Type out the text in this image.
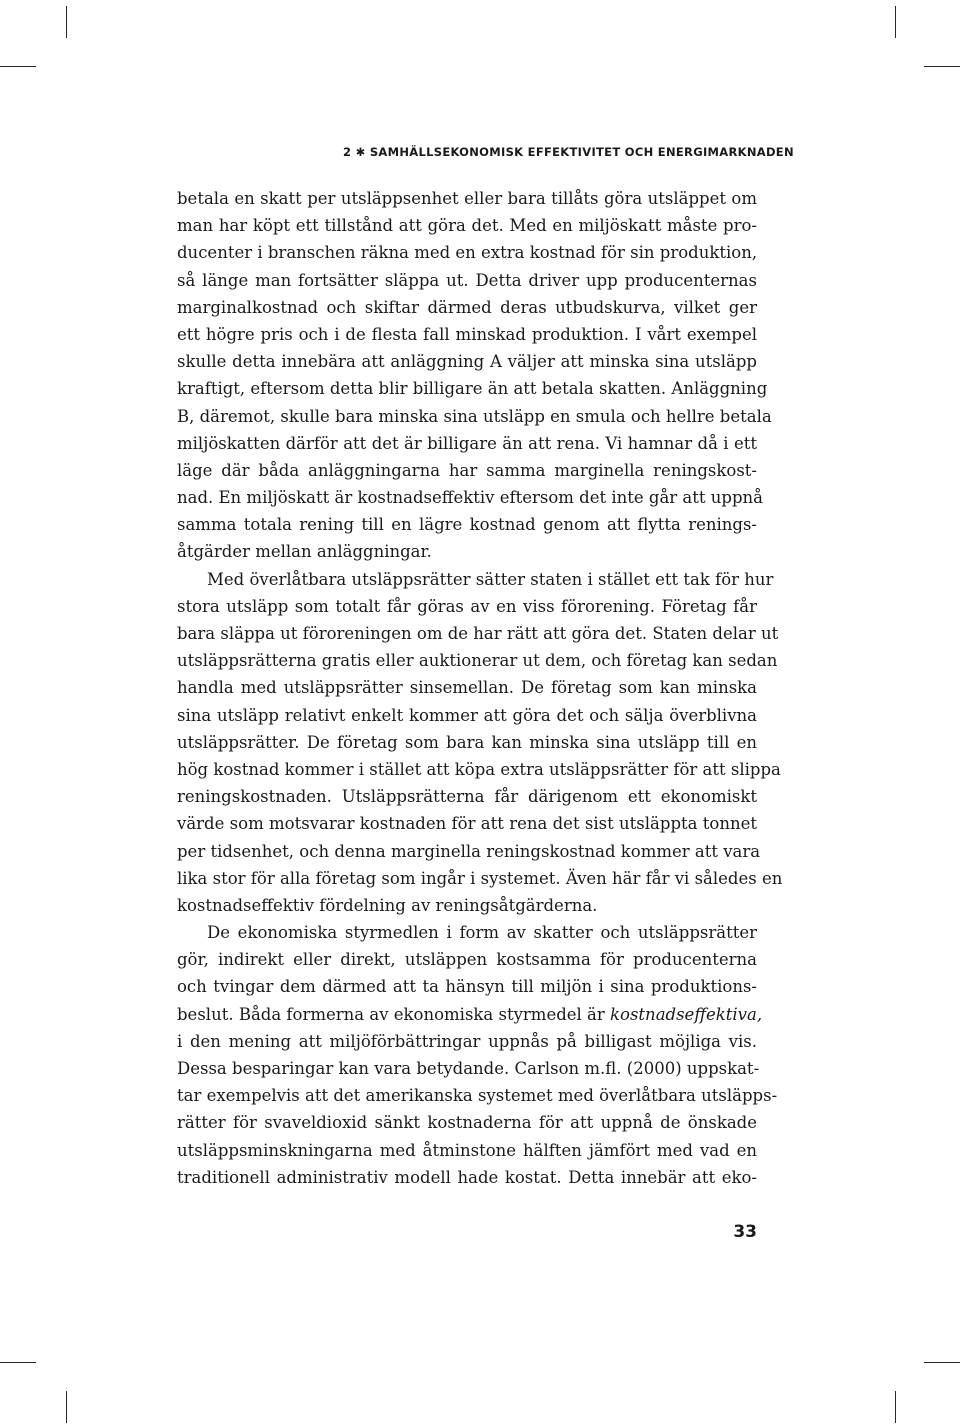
2 ✱ SAMHÄLLSEKONOMISK EFFEKTIVITET OCH ENERGIMARKNADEN
betala en skatt per utsläppsenhet eller bara tillåts göra utsläppet om
man har köpt ett tillstånd att göra det. Med en miljöskatt måste pro-
ducenter i branschen räkna med en extra kostnad för sin produktion,
så länge man fortsätter släppa ut. Detta driver upp producenternas
marginalkostnad och skiftar därmed deras utbudskurva, vilket ger
ett högre pris och i de flesta fall minskad produktion. I vårt exempel
skulle detta innebära att anläggning A väljer att minska sina utsläpp
kraftigt, eftersom detta blir billigare än att betala skatten. Anläggning
B, däremot, skulle bara minska sina utsläpp en smula och hellre betala
miljöskatten därför att det är billigare än att rena. Vi hamnar då i ett
läge där båda anläggningarna har samma marginella reningskost-
nad. En miljöskatt är kostnadseffektiv eftersom det inte går att uppnå
samma totala rening till en lägre kostnad genom att flytta renings-
åtgärder mellan anläggningar.
Med överlåtbara utsläppsrätter sätter staten i stället ett tak för hur
stora utsläpp som totalt får göras av en viss förorening. Företag får
bara släppa ut föroreningen om de har rätt att göra det. Staten delar ut
utsläppsrätterna gratis eller auktionerar ut dem, och företag kan sedan
handla med utsläppsrätter sinsemellan. De företag som kan minska
sina utsläpp relativt enkelt kommer att göra det och sälja överblivna
utsläppsrätter. De företag som bara kan minska sina utsläpp till en
hög kostnad kommer i stället att köpa extra utsläppsrätter för att slippa
reningskostnaden. Utsläppsrätterna får därigenom ett ekonomiskt
värde som motsvarar kostnaden för att rena det sist utsläppta tonnet
per tidsenhet, och denna marginella reningskostnad kommer att vara
lika stor för alla företag som ingår i systemet. Även här får vi således en
kostnadseffektiv fördelning av reningsåtgärderna.
De ekonomiska styrmedlen i form av skatter och utsläppsrätter
gör, indirekt eller direkt, utsläppen kostsamma för producenterna
och tvingar dem därmed att ta hänsyn till miljön i sina produktions-
beslut. Båda formerna av ekonomiska styrmedel är kostnadseffektiva,
i den mening att miljöförbättringar uppnås på billigast möjliga vis.
Dessa besparingar kan vara betydande. Carlson m.fl. (2000) uppskat-
tar exempelvis att det amerikanska systemet med överlåtbara utsläpps-
rätter för svaveldioxid sänkt kostnaderna för att uppnå de önskade
utsläppsminskningarna med åtminstone hälften jämfört med vad en
traditionell administrativ modell hade kostat. Detta innebär att eko-
33
